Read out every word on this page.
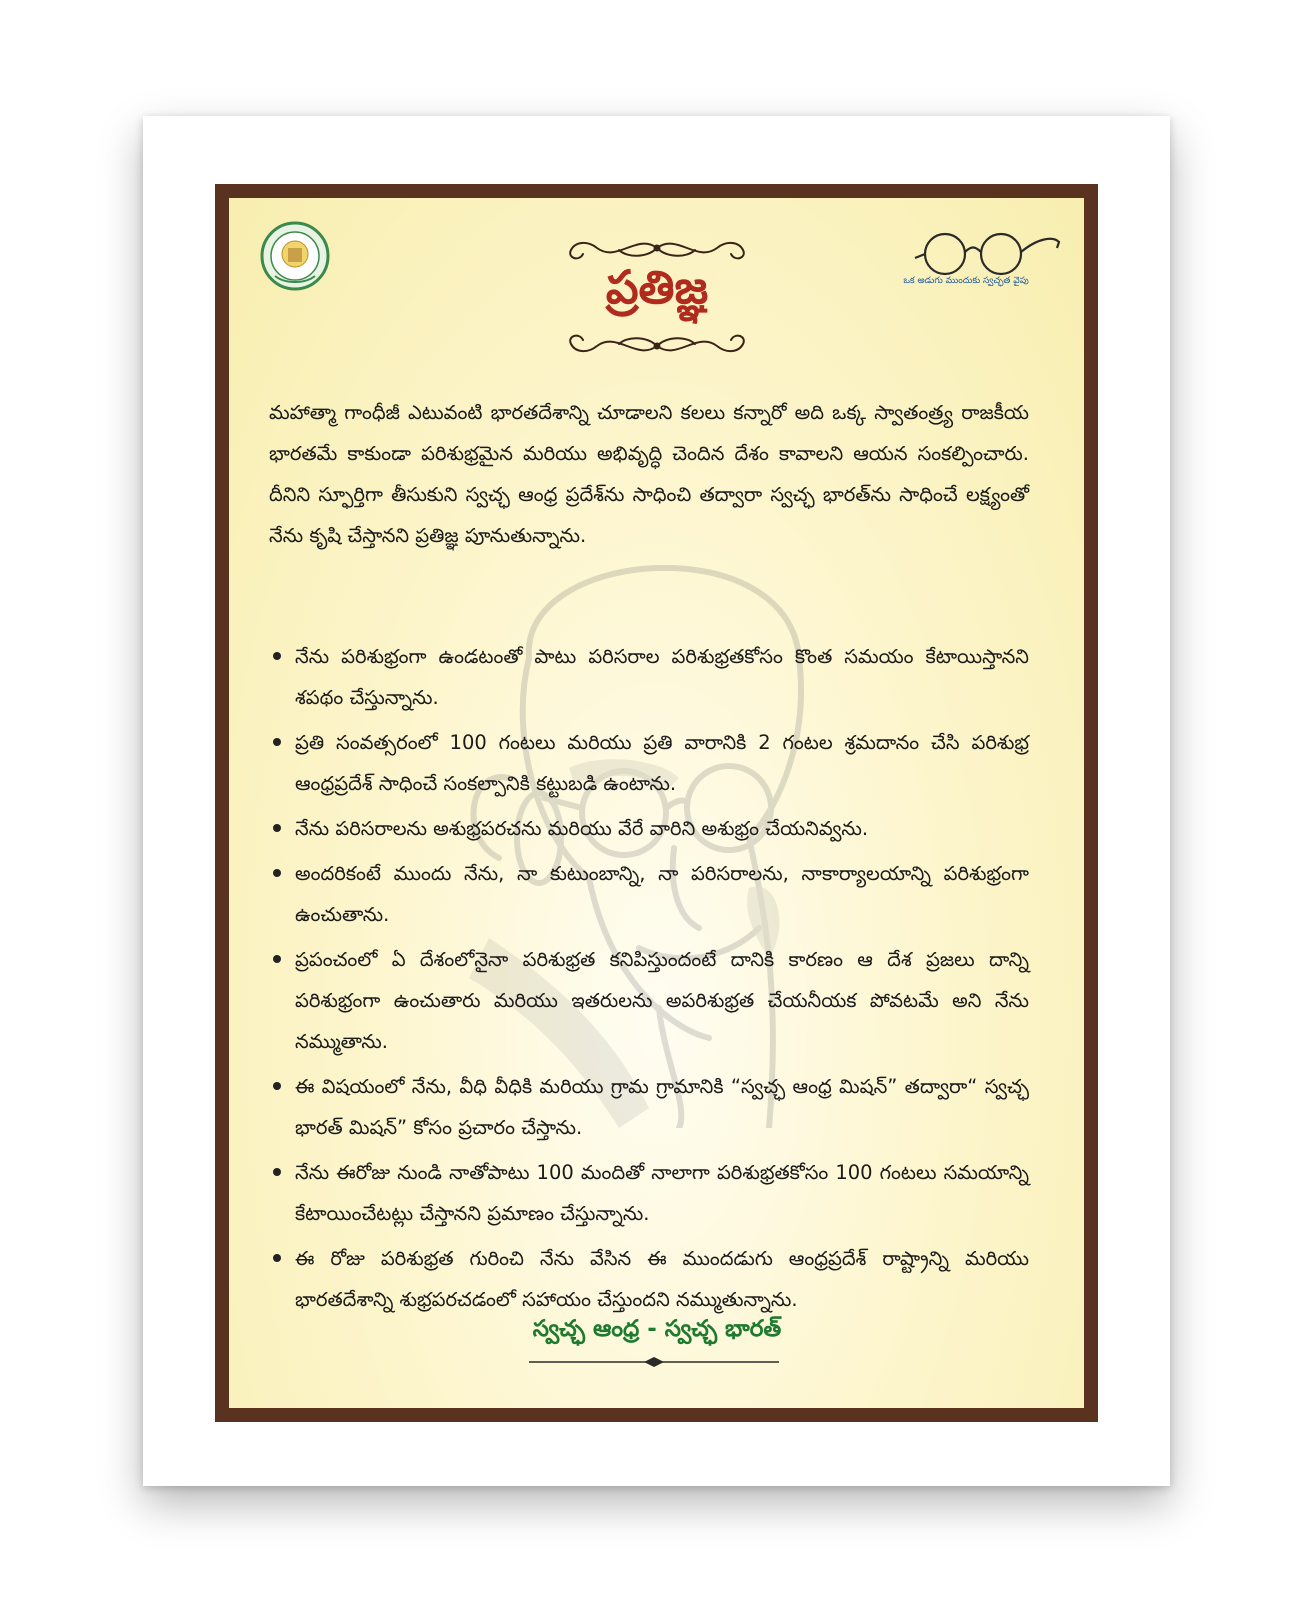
ప్రతిజ్ఞ	ఒక అడుగు ముందుకు స్వచ్ఛత వైపు
మహాత్మా గాంధీజీ ఎటువంటి భారతదేశాన్ని చూడాలని కలలు కన్నారో అది ఒక్క స్వాతంత్ర్య రాజకీయ భారతమే కాకుండా పరిశుభ్రమైన మరియు అభివృద్ధి చెందిన దేశం కావాలని ఆయన సంకల్పించారు. దీనిని స్ఫూర్తిగా తీసుకుని స్వచ్ఛ ఆంధ్ర ప్రదేశ్‌ను సాధించి తద్వారా స్వచ్ఛ భారత్‌ను సాధించే లక్ష్యంతో నేను కృషి చేస్తానని ప్రతిజ్ఞ పూనుతున్నాను.
నేను పరిశుభ్రంగా ఉండటంతో పాటు పరిసరాల పరిశుభ్రతకోసం కొంత సమయం కేటాయిస్తానని శపథం చేస్తున్నాను.
ప్రతి సంవత్సరంలో 100 గంటలు మరియు ప్రతి వారానికి 2 గంటల శ్రమదానం చేసి పరిశుభ్ర ఆంధ్రప్రదేశ్ సాధించే సంకల్పానికి కట్టుబడి ఉంటాను.
నేను పరిసరాలను అశుభ్రపరచను మరియు వేరే వారిని అశుభ్రం చేయనివ్వను.
అందరికంటే ముందు నేను, నా కుటుంబాన్ని, నా పరిసరాలను, నాకార్యాలయాన్ని పరిశుభ్రంగా ఉంచుతాను.
ప్రపంచంలో ఏ దేశంలోనైనా పరిశుభ్రత కనిపిస్తుందంటే దానికి కారణం ఆ దేశ ప్రజలు దాన్ని పరిశుభ్రంగా ఉంచుతారు మరియు ఇతరులను అపరిశుభ్రత చేయనీయక పోవటమే అని నేను నమ్ముతాను.
ఈ విషయంలో నేను, వీధి వీధికి మరియు గ్రామ గ్రామానికి “స్వచ్ఛ ఆంధ్ర మిషన్” తద్వారా“ స్వచ్ఛ భారత్ మిషన్” కోసం ప్రచారం చేస్తాను.
నేను ఈరోజు నుండి నాతోపాటు 100 మందితో నాలాగా పరిశుభ్రతకోసం 100 గంటలు సమయాన్ని కేటాయించేటట్లు చేస్తానని ప్రమాణం చేస్తున్నాను.
ఈ రోజు పరిశుభ్రత గురించి నేను వేసిన ఈ ముందడుగు ఆంధ్రప్రదేశ్ రాష్ట్రాన్ని మరియు భారతదేశాన్ని శుభ్రపరచడంలో సహాయం చేస్తుందని నమ్ముతున్నాను.
స్వచ్ఛ ఆంధ్ర - స్వచ్ఛ భారత్
